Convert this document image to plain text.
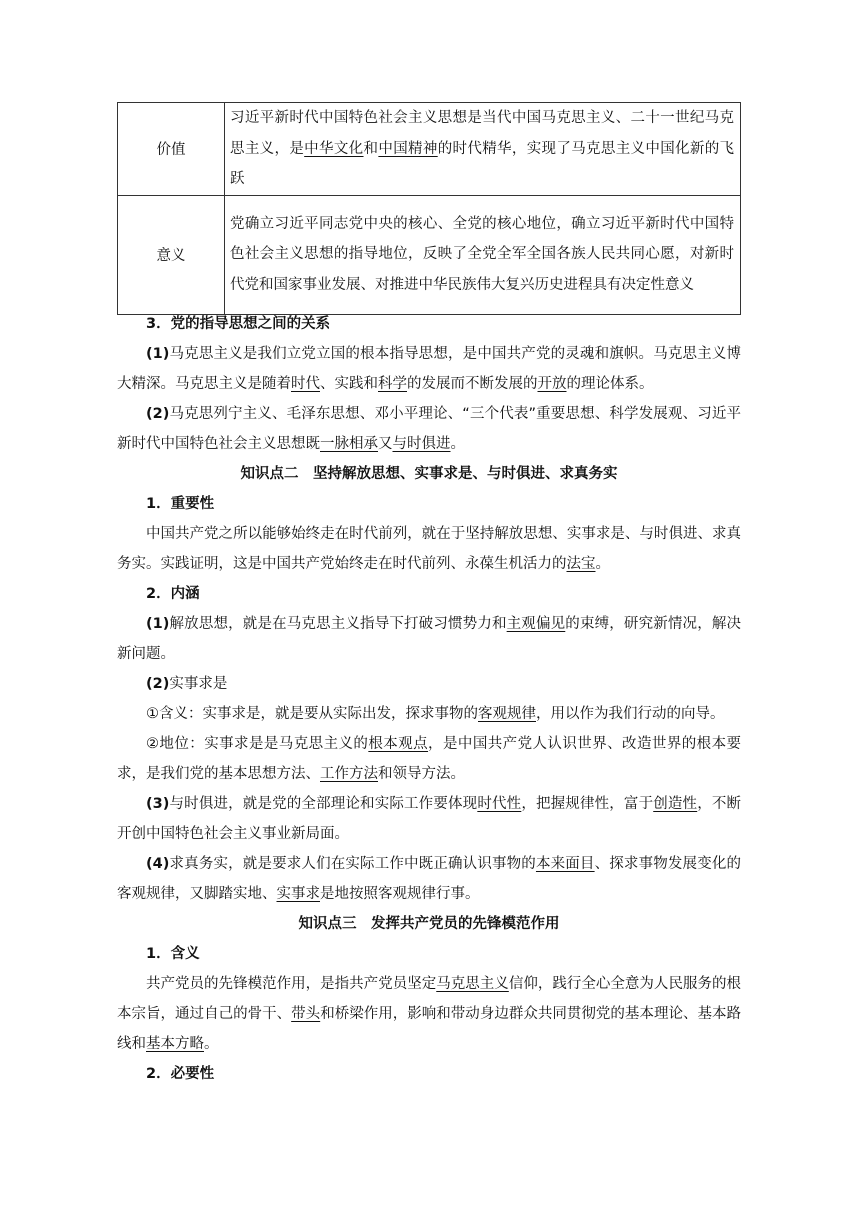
价值	习近平新时代中国特色社会主义思想是当代中国马克思主义、二十一世纪马克思主义，是中华文化和中国精神的时代精华，实现了马克思主义中国化新的飞跃
意义	党确立习近平同志党中央的核心、全党的核心地位，确立习近平新时代中国特色社会主义思想的指导地位，反映了全党全军全国各族人民共同心愿，对新时代党和国家事业发展、对推进中华民族伟大复兴历史进程具有决定性意义

3．党的指导思想之间的关系

(1)马克思主义是我们立党立国的根本指导思想，是中国共产党的灵魂和旗帜。马克思主义博大精深。马克思主义是随着时代、实践和科学的发展而不断发展的开放的理论体系。

(2)马克思列宁主义、毛泽东思想、邓小平理论、“三个代表”重要思想、科学发展观、习近平新时代中国特色社会主义思想既一脉相承又与时俱进。

知识点二　坚持解放思想、实事求是、与时俱进、求真务实

1．重要性

中国共产党之所以能够始终走在时代前列，就在于坚持解放思想、实事求是、与时俱进、求真务实。实践证明，这是中国共产党始终走在时代前列、永葆生机活力的法宝。

2．内涵

(1)解放思想，就是在马克思主义指导下打破习惯势力和主观偏见的束缚，研究新情况，解决新问题。

(2)实事求是

①含义：实事求是，就是要从实际出发，探求事物的客观规律，用以作为我们行动的向导。

②地位：实事求是是马克思主义的根本观点，是中国共产党人认识世界、改造世界的根本要求，是我们党的基本思想方法、工作方法和领导方法。

(3)与时俱进，就是党的全部理论和实际工作要体现时代性，把握规律性，富于创造性，不断开创中国特色社会主义事业新局面。

(4)求真务实，就是要求人们在实际工作中既正确认识事物的本来面目、探求事物发展变化的客观规律，又脚踏实地、实事求是地按照客观规律行事。

知识点三　发挥共产党员的先锋模范作用

1．含义

共产党员的先锋模范作用，是指共产党员坚定马克思主义信仰，践行全心全意为人民服务的根本宗旨，通过自己的骨干、带头和桥梁作用，影响和带动身边群众共同贯彻党的基本理论、基本路线和基本方略。

2．必要性
